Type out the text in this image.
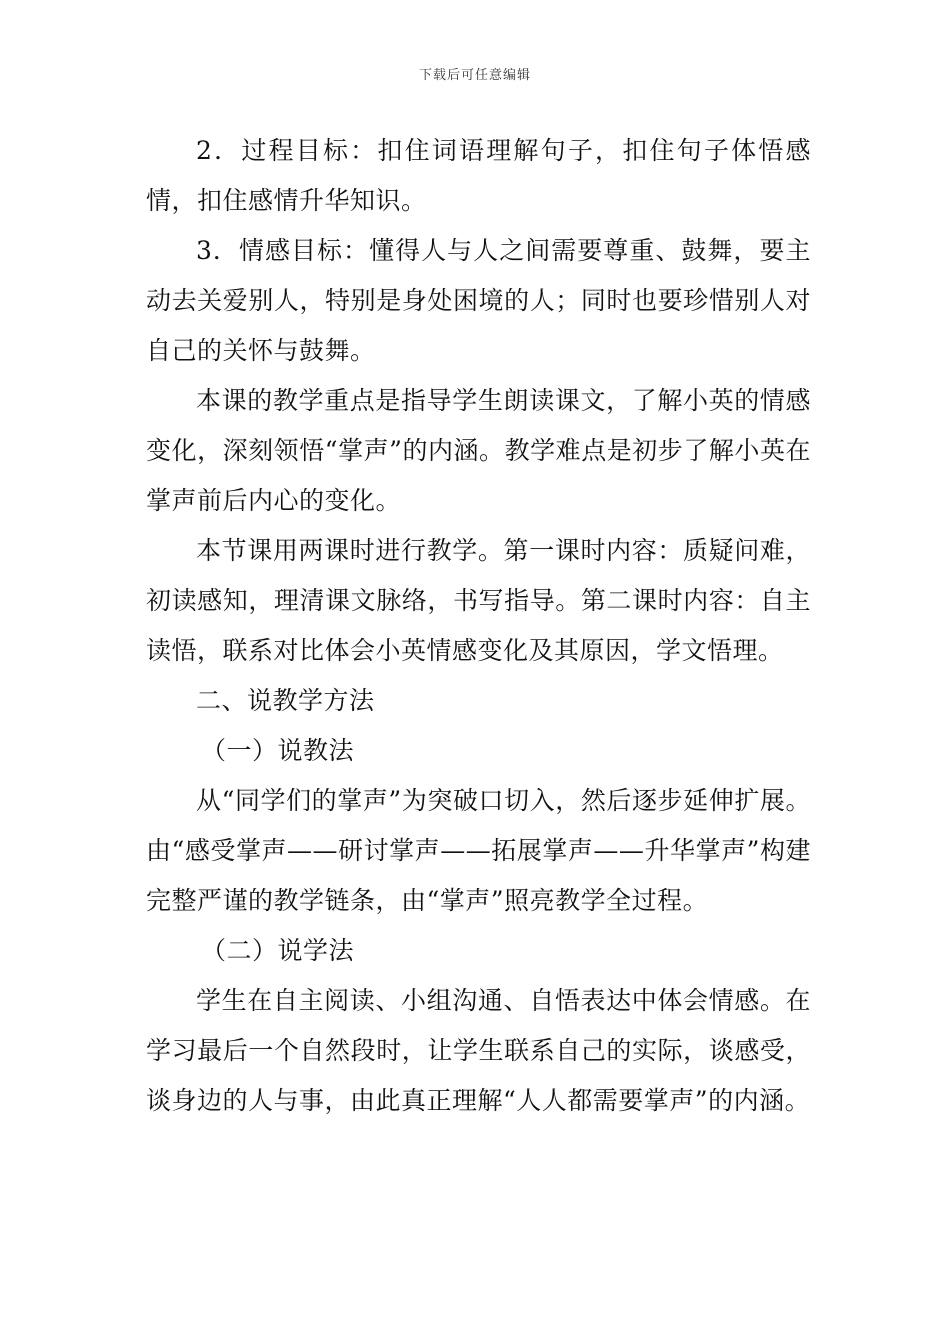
下载后可任意编辑

2．过程目标：扣住词语理解句子，扣住句子体悟感情，扣住感情升华知识。

3．情感目标：懂得人与人之间需要尊重、鼓舞，要主动去关爱别人，特别是身处困境的人；同时也要珍惜别人对自己的关怀与鼓舞。

本课的教学重点是指导学生朗读课文，了解小英的情感变化，深刻领悟“掌声”的内涵。教学难点是初步了解小英在掌声前后内心的变化。

本节课用两课时进行教学。第一课时内容：质疑问难，初读感知，理清课文脉络，书写指导。第二课时内容：自主读悟，联系对比体会小英情感变化及其原因，学文悟理。

二、说教学方法

（一）说教法

从“同学们的掌声”为突破口切入，然后逐步延伸扩展。由“感受掌声——研讨掌声——拓展掌声——升华掌声”构建完整严谨的教学链条，由“掌声”照亮教学全过程。

（二）说学法

学生在自主阅读、小组沟通、自悟表达中体会情感。在学习最后一个自然段时，让学生联系自己的实际，谈感受，谈身边的人与事，由此真正理解“人人都需要掌声”的内涵。
